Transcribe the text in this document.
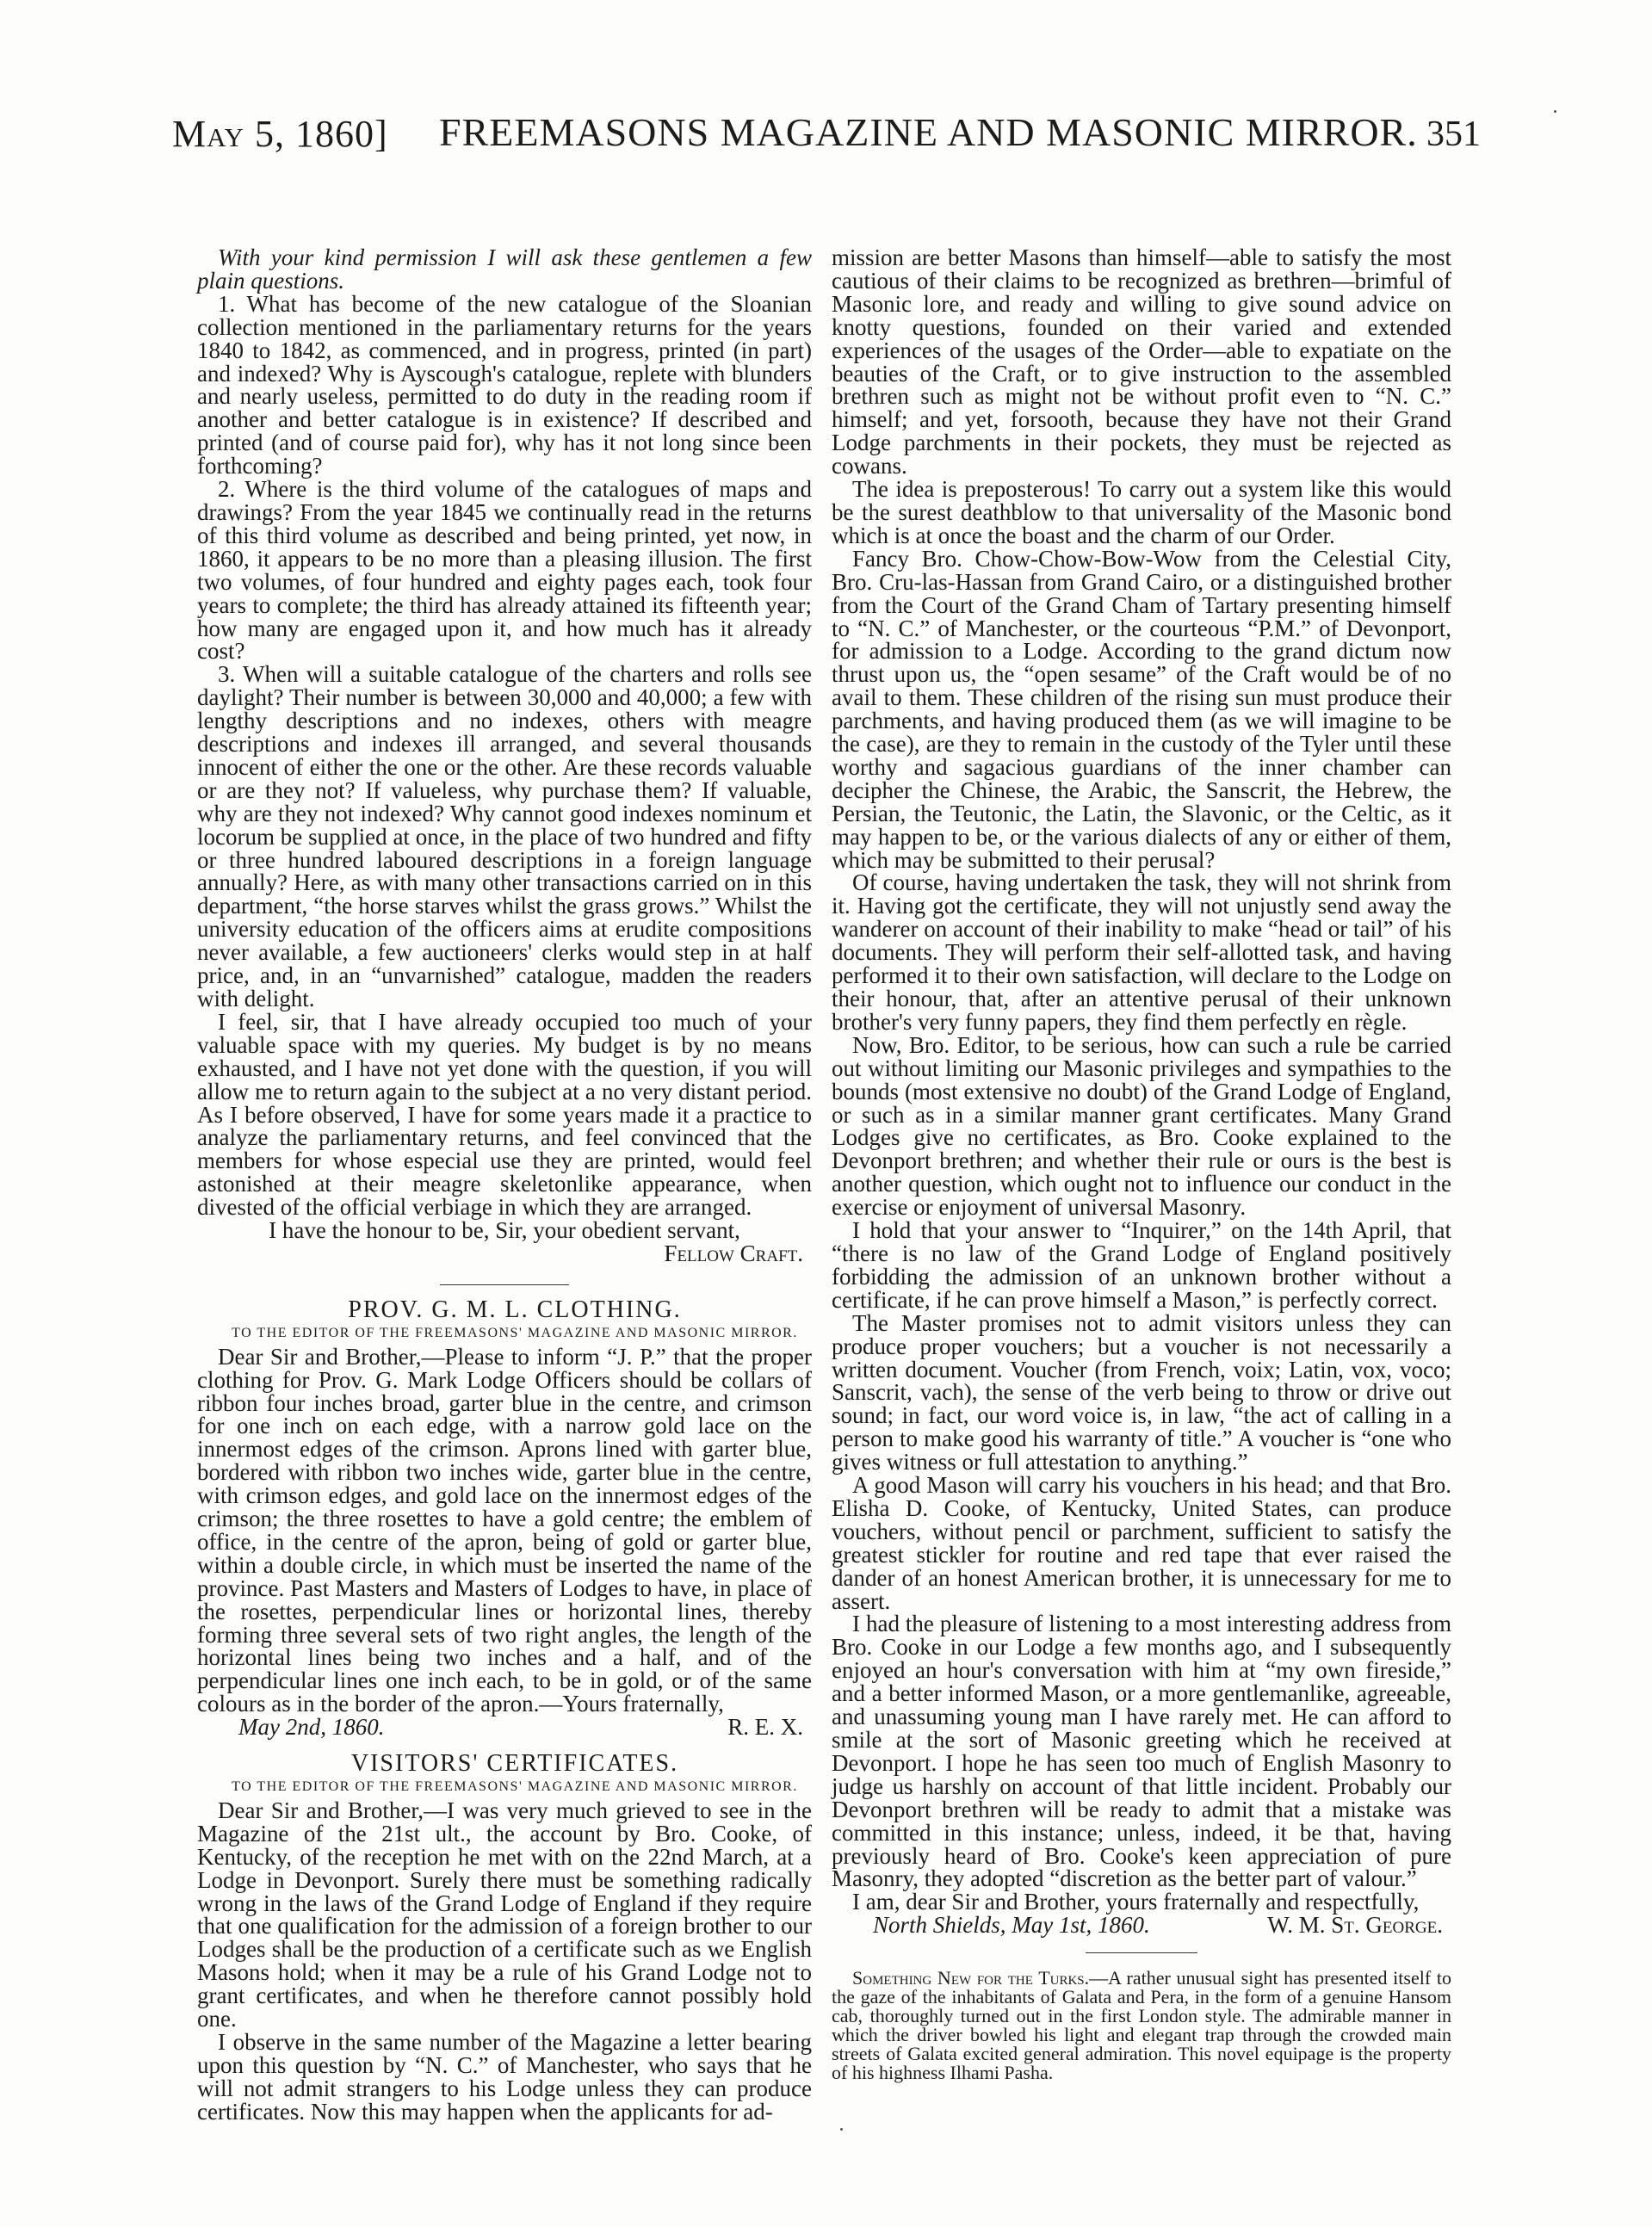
May 5, 1860] FREEMASONS MAGAZINE AND MASONIC MIRROR. 351

With your kind permission I will ask these gentlemen a few plain questions.

1. What has become of the new catalogue of the Sloanian collection mentioned in the parliamentary returns for the years 1840 to 1842, as commenced, and in progress, printed (in part) and indexed? Why is Ayscough's catalogue, replete with blunders and nearly useless, permitted to do duty in the reading room if another and better catalogue is in existence? If described and printed (and of course paid for), why has it not long since been forthcoming?

2. Where is the third volume of the catalogues of maps and drawings? From the year 1845 we continually read in the returns of this third volume as described and being printed, yet now, in 1860, it appears to be no more than a pleasing illusion. The first two volumes, of four hundred and eighty pages each, took four years to complete; the third has already attained its fifteenth year; how many are engaged upon it, and how much has it already cost?

3. When will a suitable catalogue of the charters and rolls see daylight? Their number is between 30,000 and 40,000; a few with lengthy descriptions and no indexes, others with meagre descriptions and indexes ill arranged, and several thousands innocent of either the one or the other. Are these records valuable or are they not? If valueless, why purchase them? If valuable, why are they not indexed? Why cannot good indexes nominum et locorum be supplied at once, in the place of two hundred and fifty or three hundred laboured descriptions in a foreign language annually? Here, as with many other transactions carried on in this department, “the horse starves whilst the grass grows.” Whilst the university education of the officers aims at erudite compositions never available, a few auctioneers' clerks would step in at half price, and, in an “unvarnished” catalogue, madden the readers with delight.

I feel, sir, that I have already occupied too much of your valuable space with my queries. My budget is by no means exhausted, and I have not yet done with the question, if you will allow me to return again to the subject at a no very distant period. As I before observed, I have for some years made it a practice to analyze the parliamentary returns, and feel convinced that the members for whose especial use they are printed, would feel astonished at their meagre skeletonlike appearance, when divested of the official verbiage in which they are arranged.

I have the honour to be, Sir, your obedient servant,

Fellow Craft.

PROV. G. M. L. CLOTHING.

TO THE EDITOR OF THE FREEMASONS' MAGAZINE AND MASONIC MIRROR.

Dear Sir and Brother,—Please to inform “J. P.” that the proper clothing for Prov. G. Mark Lodge Officers should be collars of ribbon four inches broad, garter blue in the centre, and crimson for one inch on each edge, with a narrow gold lace on the innermost edges of the crimson. Aprons lined with garter blue, bordered with ribbon two inches wide, garter blue in the centre, with crimson edges, and gold lace on the innermost edges of the crimson; the three rosettes to have a gold centre; the emblem of office, in the centre of the apron, being of gold or garter blue, within a double circle, in which must be inserted the name of the province. Past Masters and Masters of Lodges to have, in place of the rosettes, perpendicular lines or horizontal lines, thereby forming three several sets of two right angles, the length of the horizontal lines being two inches and a half, and of the perpendicular lines one inch each, to be in gold, or of the same colours as in the border of the apron.—Yours fraternally,

May 2nd, 1860.	R. E. X.

VISITORS' CERTIFICATES.

TO THE EDITOR OF THE FREEMASONS' MAGAZINE AND MASONIC MIRROR.

Dear Sir and Brother,—I was very much grieved to see in the Magazine of the 21st ult., the account by Bro. Cooke, of Kentucky, of the reception he met with on the 22nd March, at a Lodge in Devonport. Surely there must be something radically wrong in the laws of the Grand Lodge of England if they require that one qualification for the admission of a foreign brother to our Lodges shall be the production of a certificate such as we English Masons hold; when it may be a rule of his Grand Lodge not to grant certificates, and when he therefore cannot possibly hold one.

I observe in the same number of the Magazine a letter bearing upon this question by “N. C.” of Manchester, who says that he will not admit strangers to his Lodge unless they can produce certificates. Now this may happen when the applicants for ad-

mission are better Masons than himself—able to satisfy the most cautious of their claims to be recognized as brethren—brimful of Masonic lore, and ready and willing to give sound advice on knotty questions, founded on their varied and extended experiences of the usages of the Order—able to expatiate on the beauties of the Craft, or to give instruction to the assembled brethren such as might not be without profit even to “N. C.” himself; and yet, forsooth, because they have not their Grand Lodge parchments in their pockets, they must be rejected as cowans.

The idea is preposterous! To carry out a system like this would be the surest deathblow to that universality of the Masonic bond which is at once the boast and the charm of our Order.

Fancy Bro. Chow-Chow-Bow-Wow from the Celestial City, Bro. Cru-las-Hassan from Grand Cairo, or a distinguished brother from the Court of the Grand Cham of Tartary presenting himself to “N. C.” of Manchester, or the courteous “P.M.” of Devonport, for admission to a Lodge. According to the grand dictum now thrust upon us, the “open sesame” of the Craft would be of no avail to them. These children of the rising sun must produce their parchments, and having produced them (as we will imagine to be the case), are they to remain in the custody of the Tyler until these worthy and sagacious guardians of the inner chamber can decipher the Chinese, the Arabic, the Sanscrit, the Hebrew, the Persian, the Teutonic, the Latin, the Slavonic, or the Celtic, as it may happen to be, or the various dialects of any or either of them, which may be submitted to their perusal?

Of course, having undertaken the task, they will not shrink from it. Having got the certificate, they will not unjustly send away the wanderer on account of their inability to make “head or tail” of his documents. They will perform their self-allotted task, and having performed it to their own satisfaction, will declare to the Lodge on their honour, that, after an attentive perusal of their unknown brother's very funny papers, they find them perfectly en règle.

Now, Bro. Editor, to be serious, how can such a rule be carried out without limiting our Masonic privileges and sympathies to the bounds (most extensive no doubt) of the Grand Lodge of England, or such as in a similar manner grant certificates. Many Grand Lodges give no certificates, as Bro. Cooke explained to the Devonport brethren; and whether their rule or ours is the best is another question, which ought not to influence our conduct in the exercise or enjoyment of universal Masonry.

I hold that your answer to “Inquirer,” on the 14th April, that “there is no law of the Grand Lodge of England positively forbidding the admission of an unknown brother without a certificate, if he can prove himself a Mason,” is perfectly correct.

The Master promises not to admit visitors unless they can produce proper vouchers; but a voucher is not necessarily a written document. Voucher (from French, voix; Latin, vox, voco; Sanscrit, vach), the sense of the verb being to throw or drive out sound; in fact, our word voice is, in law, “the act of calling in a person to make good his warranty of title.” A voucher is “one who gives witness or full attestation to anything.”

A good Mason will carry his vouchers in his head; and that Bro. Elisha D. Cooke, of Kentucky, United States, can produce vouchers, without pencil or parchment, sufficient to satisfy the greatest stickler for routine and red tape that ever raised the dander of an honest American brother, it is unnecessary for me to assert.

I had the pleasure of listening to a most interesting address from Bro. Cooke in our Lodge a few months ago, and I subsequently enjoyed an hour's conversation with him at “my own fireside,” and a better informed Mason, or a more gentlemanlike, agreeable, and unassuming young man I have rarely met. He can afford to smile at the sort of Masonic greeting which he received at Devonport. I hope he has seen too much of English Masonry to judge us harshly on account of that little incident. Probably our Devonport brethren will be ready to admit that a mistake was committed in this instance; unless, indeed, it be that, having previously heard of Bro. Cooke's keen appreciation of pure Masonry, they adopted “discretion as the better part of valour.”

I am, dear Sir and Brother, yours fraternally and respectfully,

North Shields, May 1st, 1860.	W. M. St. George.

Something New for the Turks.—A rather unusual sight has presented itself to the gaze of the inhabitants of Galata and Pera, in the form of a genuine Hansom cab, thoroughly turned out in the first London style. The admirable manner in which the driver bowled his light and elegant trap through the crowded main streets of Galata excited general admiration. This novel equipage is the property of his highness Ilhami Pasha.
